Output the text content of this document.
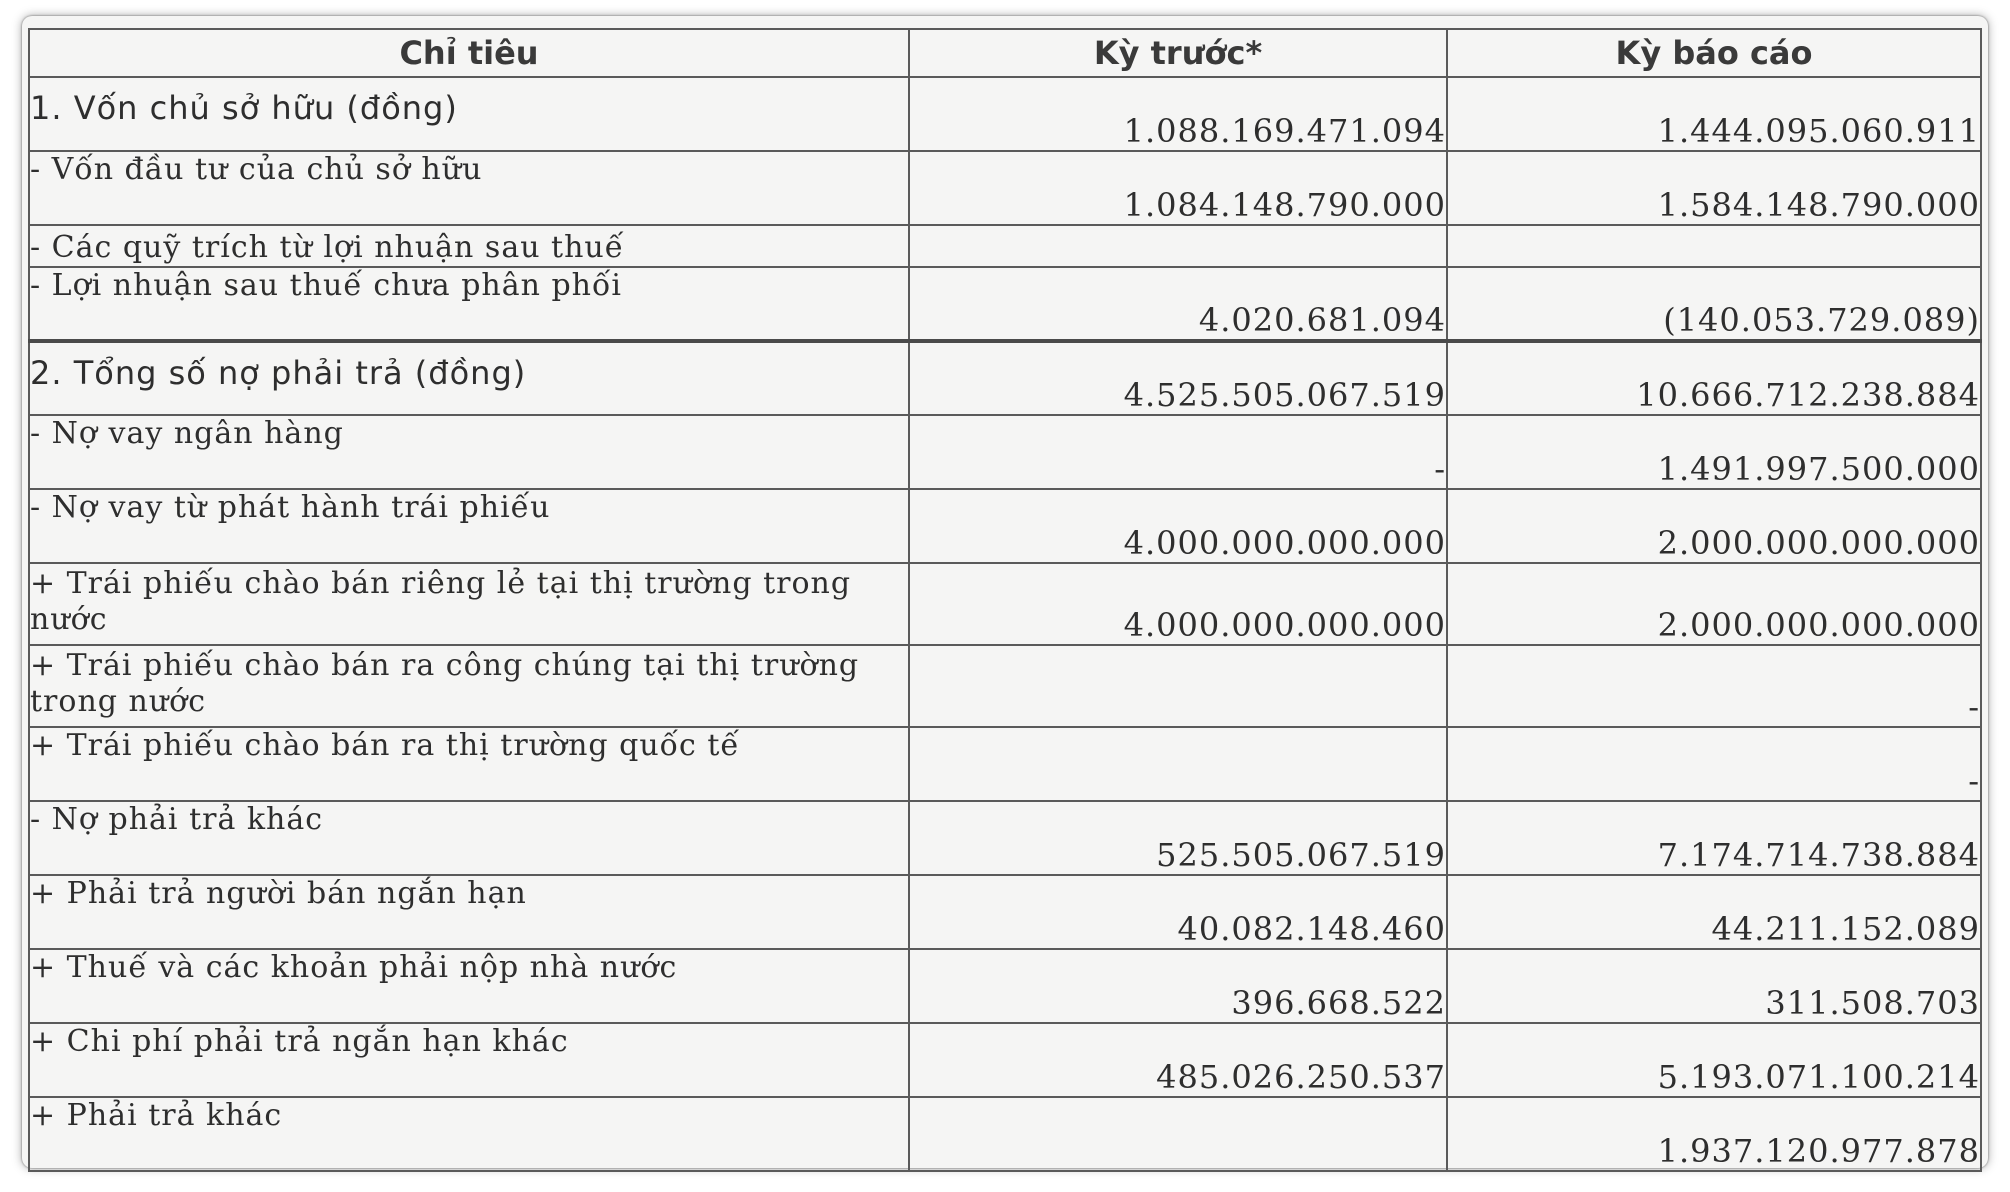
Chỉ tiêu	Kỳ trước*	Kỳ báo cáo
1. Vốn chủ sở hữu (đồng)	1.088.169.471.094	1.444.095.060.911
- Vốn đầu tư của chủ sở hữu	1.084.148.790.000	1.584.148.790.000
- Các quỹ trích từ lợi nhuận sau thuế		
- Lợi nhuận sau thuế chưa phân phối	4.020.681.094	(140.053.729.089)
2. Tổng số nợ phải trả (đồng)	4.525.505.067.519	10.666.712.238.884
- Nợ vay ngân hàng	-	1.491.997.500.000
- Nợ vay từ phát hành trái phiếu	4.000.000.000.000	2.000.000.000.000
+ Trái phiếu chào bán riêng lẻ tại thị trường trong nước	4.000.000.000.000	2.000.000.000.000
+ Trái phiếu chào bán ra công chúng tại thị trường trong nước		-
+ Trái phiếu chào bán ra thị trường quốc tế		-
- Nợ phải trả khác	525.505.067.519	7.174.714.738.884
+ Phải trả người bán ngắn hạn	40.082.148.460	44.211.152.089
+ Thuế và các khoản phải nộp nhà nước	396.668.522	311.508.703
+ Chi phí phải trả ngắn hạn khác	485.026.250.537	5.193.071.100.214
+ Phải trả khác		1.937.120.977.878
